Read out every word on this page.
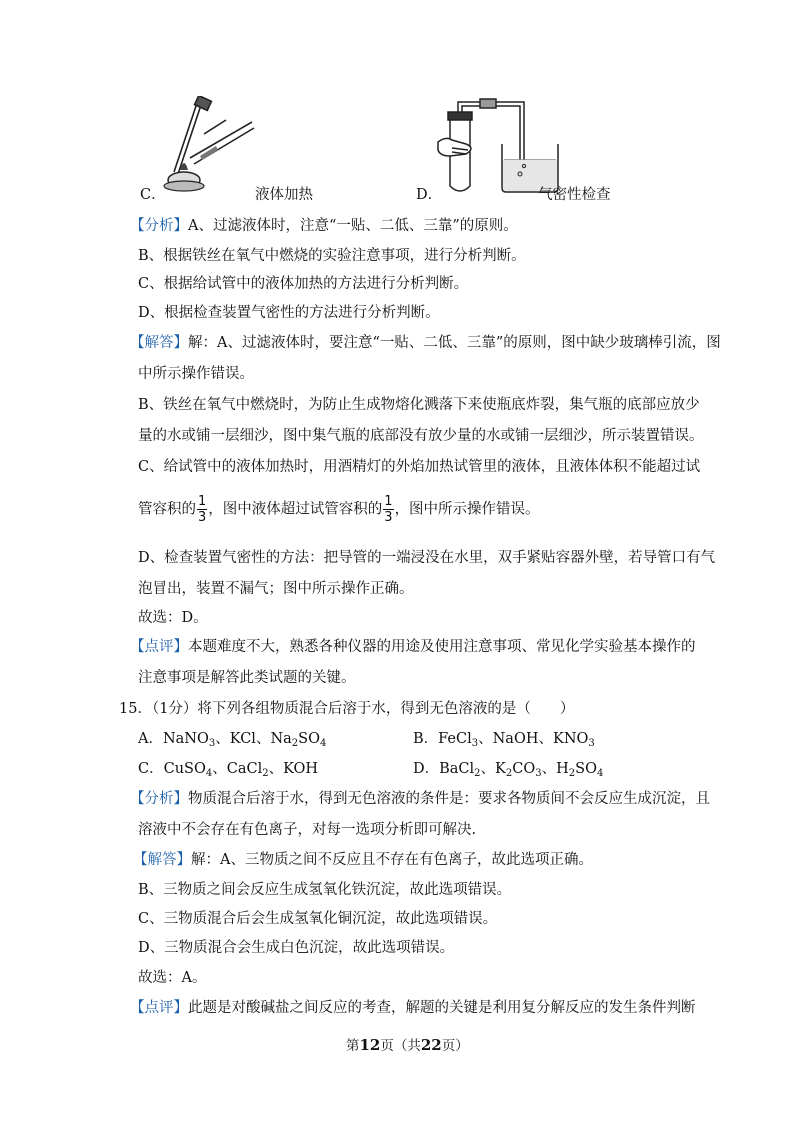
C．	液体加热	D．	气密性检查
【分析】A、过滤液体时，注意“一贴、二低、三靠”的原则。
B、根据铁丝在氧气中燃烧的实验注意事项，进行分析判断。
C、根据给试管中的液体加热的方法进行分析判断。
D、根据检查装置气密性的方法进行分析判断。
【解答】解：A、过滤液体时，要注意“一贴、二低、三靠”的原则，图中缺少玻璃棒引流，图
中所示操作错误。
B、铁丝在氧气中燃烧时，为防止生成物熔化溅落下来使瓶底炸裂，集气瓶的底部应放少
量的水或铺一层细沙，图中集气瓶的底部没有放少量的水或铺一层细沙，所示装置错误。
C、给试管中的液体加热时，用酒精灯的外焰加热试管里的液体，且液体体积不能超过试
管容积的 $\frac{1}{3}$ ，图中液体超过试管容积的 $\frac{1}{3}$ ，图中所示操作错误。
D、检查装置气密性的方法：把导管的一端浸没在水里，双手紧贴容器外壁，若导管口有气
泡冒出，装置不漏气；图中所示操作正确。
故选：D。
【点评】本题难度不大，熟悉各种仪器的用途及使用注意事项、常见化学实验基本操作的
注意事项是解答此类试题的关键。
15．（1分）将下列各组物质混合后溶于水，得到无色溶液的是（　　）
A．NaNO$_3$、KCl、$Na_2SO_4$	B．FeCl$_3$、NaOH、$KNO_3$
C．CuSO$_4$、CaCl$_2$、KOH	D．BaCl$_2$、$K_2CO_3$、$H_2SO_4$
【分析】物质混合后溶于水，得到无色溶液的条件是：要求各物质间不会反应生成沉淀，且
溶液中不会存在有色离子，对每一选项分析即可解决.
【解答】解：A、三物质之间不反应且不存在有色离子，故此选项正确。
B、三物质之间会反应生成氢氧化铁沉淀，故此选项错误。
C、三物质混合后会生成氢氧化铜沉淀，故此选项错误。
D、三物质混合会生成白色沉淀，故此选项错误。
故选：A。
【点评】此题是对酸碱盐之间反应的考查，解题的关键是利用复分解反应的发生条件判断
第12页（共22页）
